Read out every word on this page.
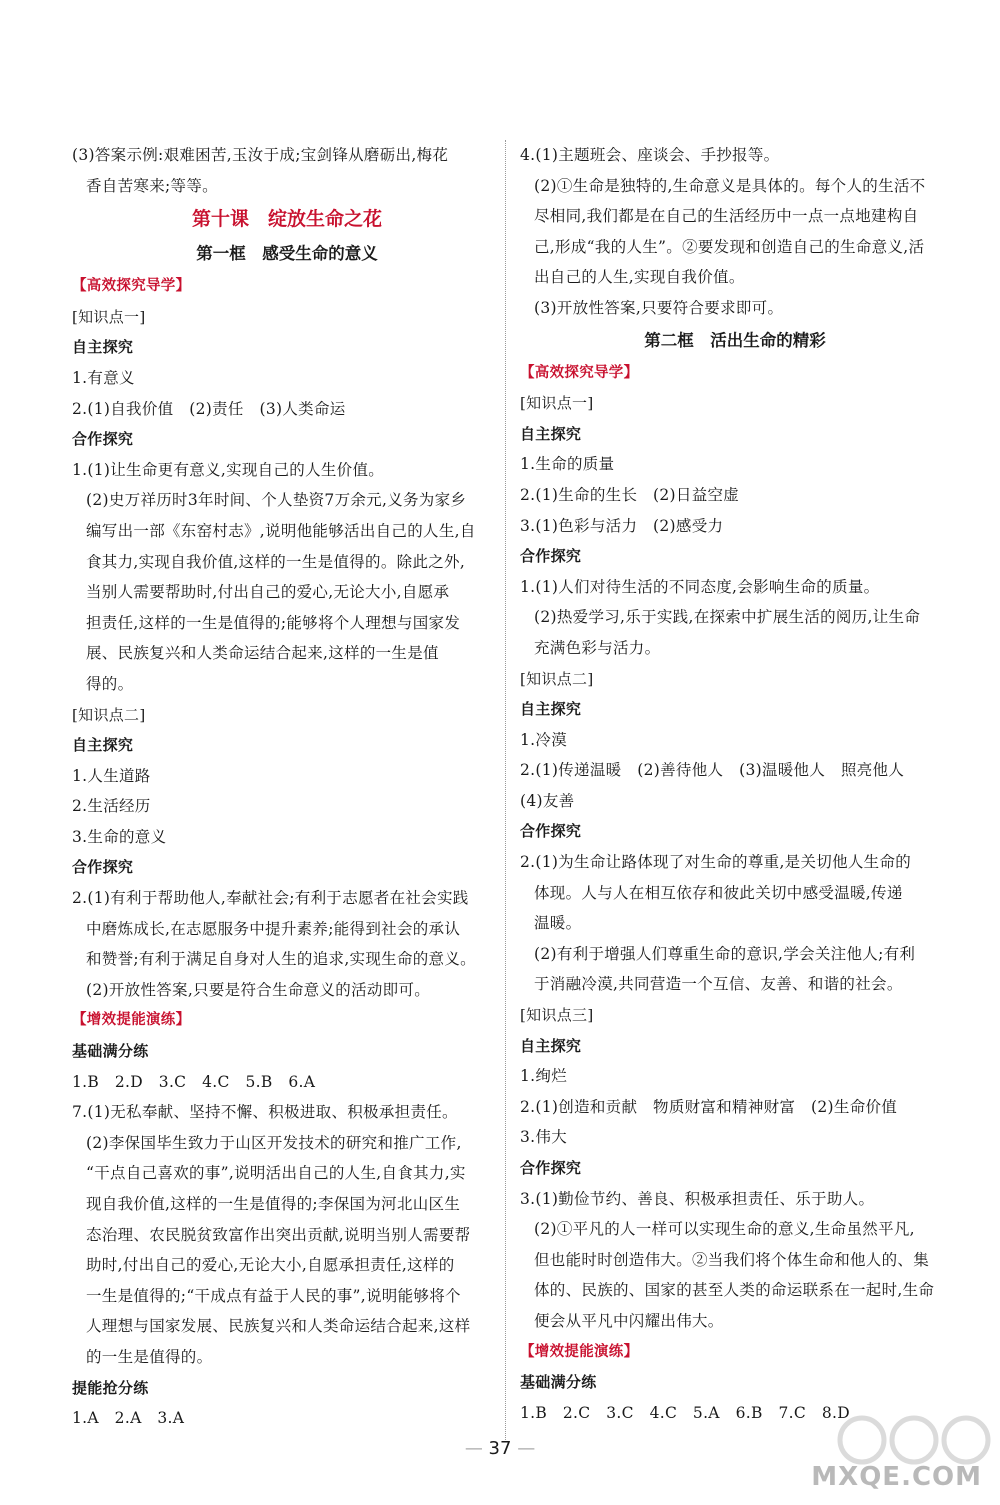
(3)答案示例:艰难困苦,玉汝于成;宝剑锋从磨砺出,梅花
香自苦寒来;等等。
第十课　绽放生命之花
第一框　感受生命的意义
【高效探究导学】
[知识点一]
自主探究
1.有意义
2.(1)自我价值　(2)责任　(3)人类命运
合作探究
1.(1)让生命更有意义,实现自己的人生价值。
(2)史万祥历时3年时间、个人垫资7万余元,义务为家乡
编写出一部《东窑村志》,说明他能够活出自己的人生,自
食其力,实现自我价值,这样的一生是值得的。除此之外,
当别人需要帮助时,付出自己的爱心,无论大小,自愿承
担责任,这样的一生是值得的;能够将个人理想与国家发
展、民族复兴和人类命运结合起来,这样的一生是值
得的。
[知识点二]
自主探究
1.人生道路
2.生活经历
3.生命的意义
合作探究
2.(1)有利于帮助他人,奉献社会;有利于志愿者在社会实践
中磨炼成长,在志愿服务中提升素养;能得到社会的承认
和赞誉;有利于满足自身对人生的追求,实现生命的意义。
(2)开放性答案,只要是符合生命意义的活动即可。
【增效提能演练】
基础满分练
1.B　2.D　3.C　4.C　5.B　6.A
7.(1)无私奉献、坚持不懈、积极进取、积极承担责任。
(2)李保国毕生致力于山区开发技术的研究和推广工作,
“干点自己喜欢的事”,说明活出自己的人生,自食其力,实
现自我价值,这样的一生是值得的;李保国为河北山区生
态治理、农民脱贫致富作出突出贡献,说明当别人需要帮
助时,付出自己的爱心,无论大小,自愿承担责任,这样的
一生是值得的;“干成点有益于人民的事”,说明能够将个
人理想与国家发展、民族复兴和人类命运结合起来,这样
的一生是值得的。
提能抢分练
1.A　2.A　3.A
4.(1)主题班会、座谈会、手抄报等。
(2)①生命是独特的,生命意义是具体的。每个人的生活不
尽相同,我们都是在自己的生活经历中一点一点地建构自
己,形成“我的人生”。②要发现和创造自己的生命意义,活
出自己的人生,实现自我价值。
(3)开放性答案,只要符合要求即可。
第二框　活出生命的精彩
【高效探究导学】
[知识点一]
自主探究
1.生命的质量
2.(1)生命的生长　(2)日益空虚
3.(1)色彩与活力　(2)感受力
合作探究
1.(1)人们对待生活的不同态度,会影响生命的质量。
(2)热爱学习,乐于实践,在探索中扩展生活的阅历,让生命
充满色彩与活力。
[知识点二]
自主探究
1.冷漠
2.(1)传递温暖　(2)善待他人　(3)温暖他人　照亮他人
(4)友善
合作探究
2.(1)为生命让路体现了对生命的尊重,是关切他人生命的
体现。人与人在相互依存和彼此关切中感受温暖,传递
温暖。
(2)有利于增强人们尊重生命的意识,学会关注他人;有利
于消融冷漠,共同营造一个互信、友善、和谐的社会。
[知识点三]
自主探究
1.绚烂
2.(1)创造和贡献　物质财富和精神财富　(2)生命价值
3.伟大
合作探究
3.(1)勤俭节约、善良、积极承担责任、乐于助人。
(2)①平凡的人一样可以实现生命的意义,生命虽然平凡,
但也能时时创造伟大。②当我们将个体生命和他人的、集
体的、民族的、国家的甚至人类的命运联系在一起时,生命
便会从平凡中闪耀出伟大。
【增效提能演练】
基础满分练
1.B　2.C　3.C　4.C　5.A　6.B　7.C　8.D
— 37 —
MXQE.COM
